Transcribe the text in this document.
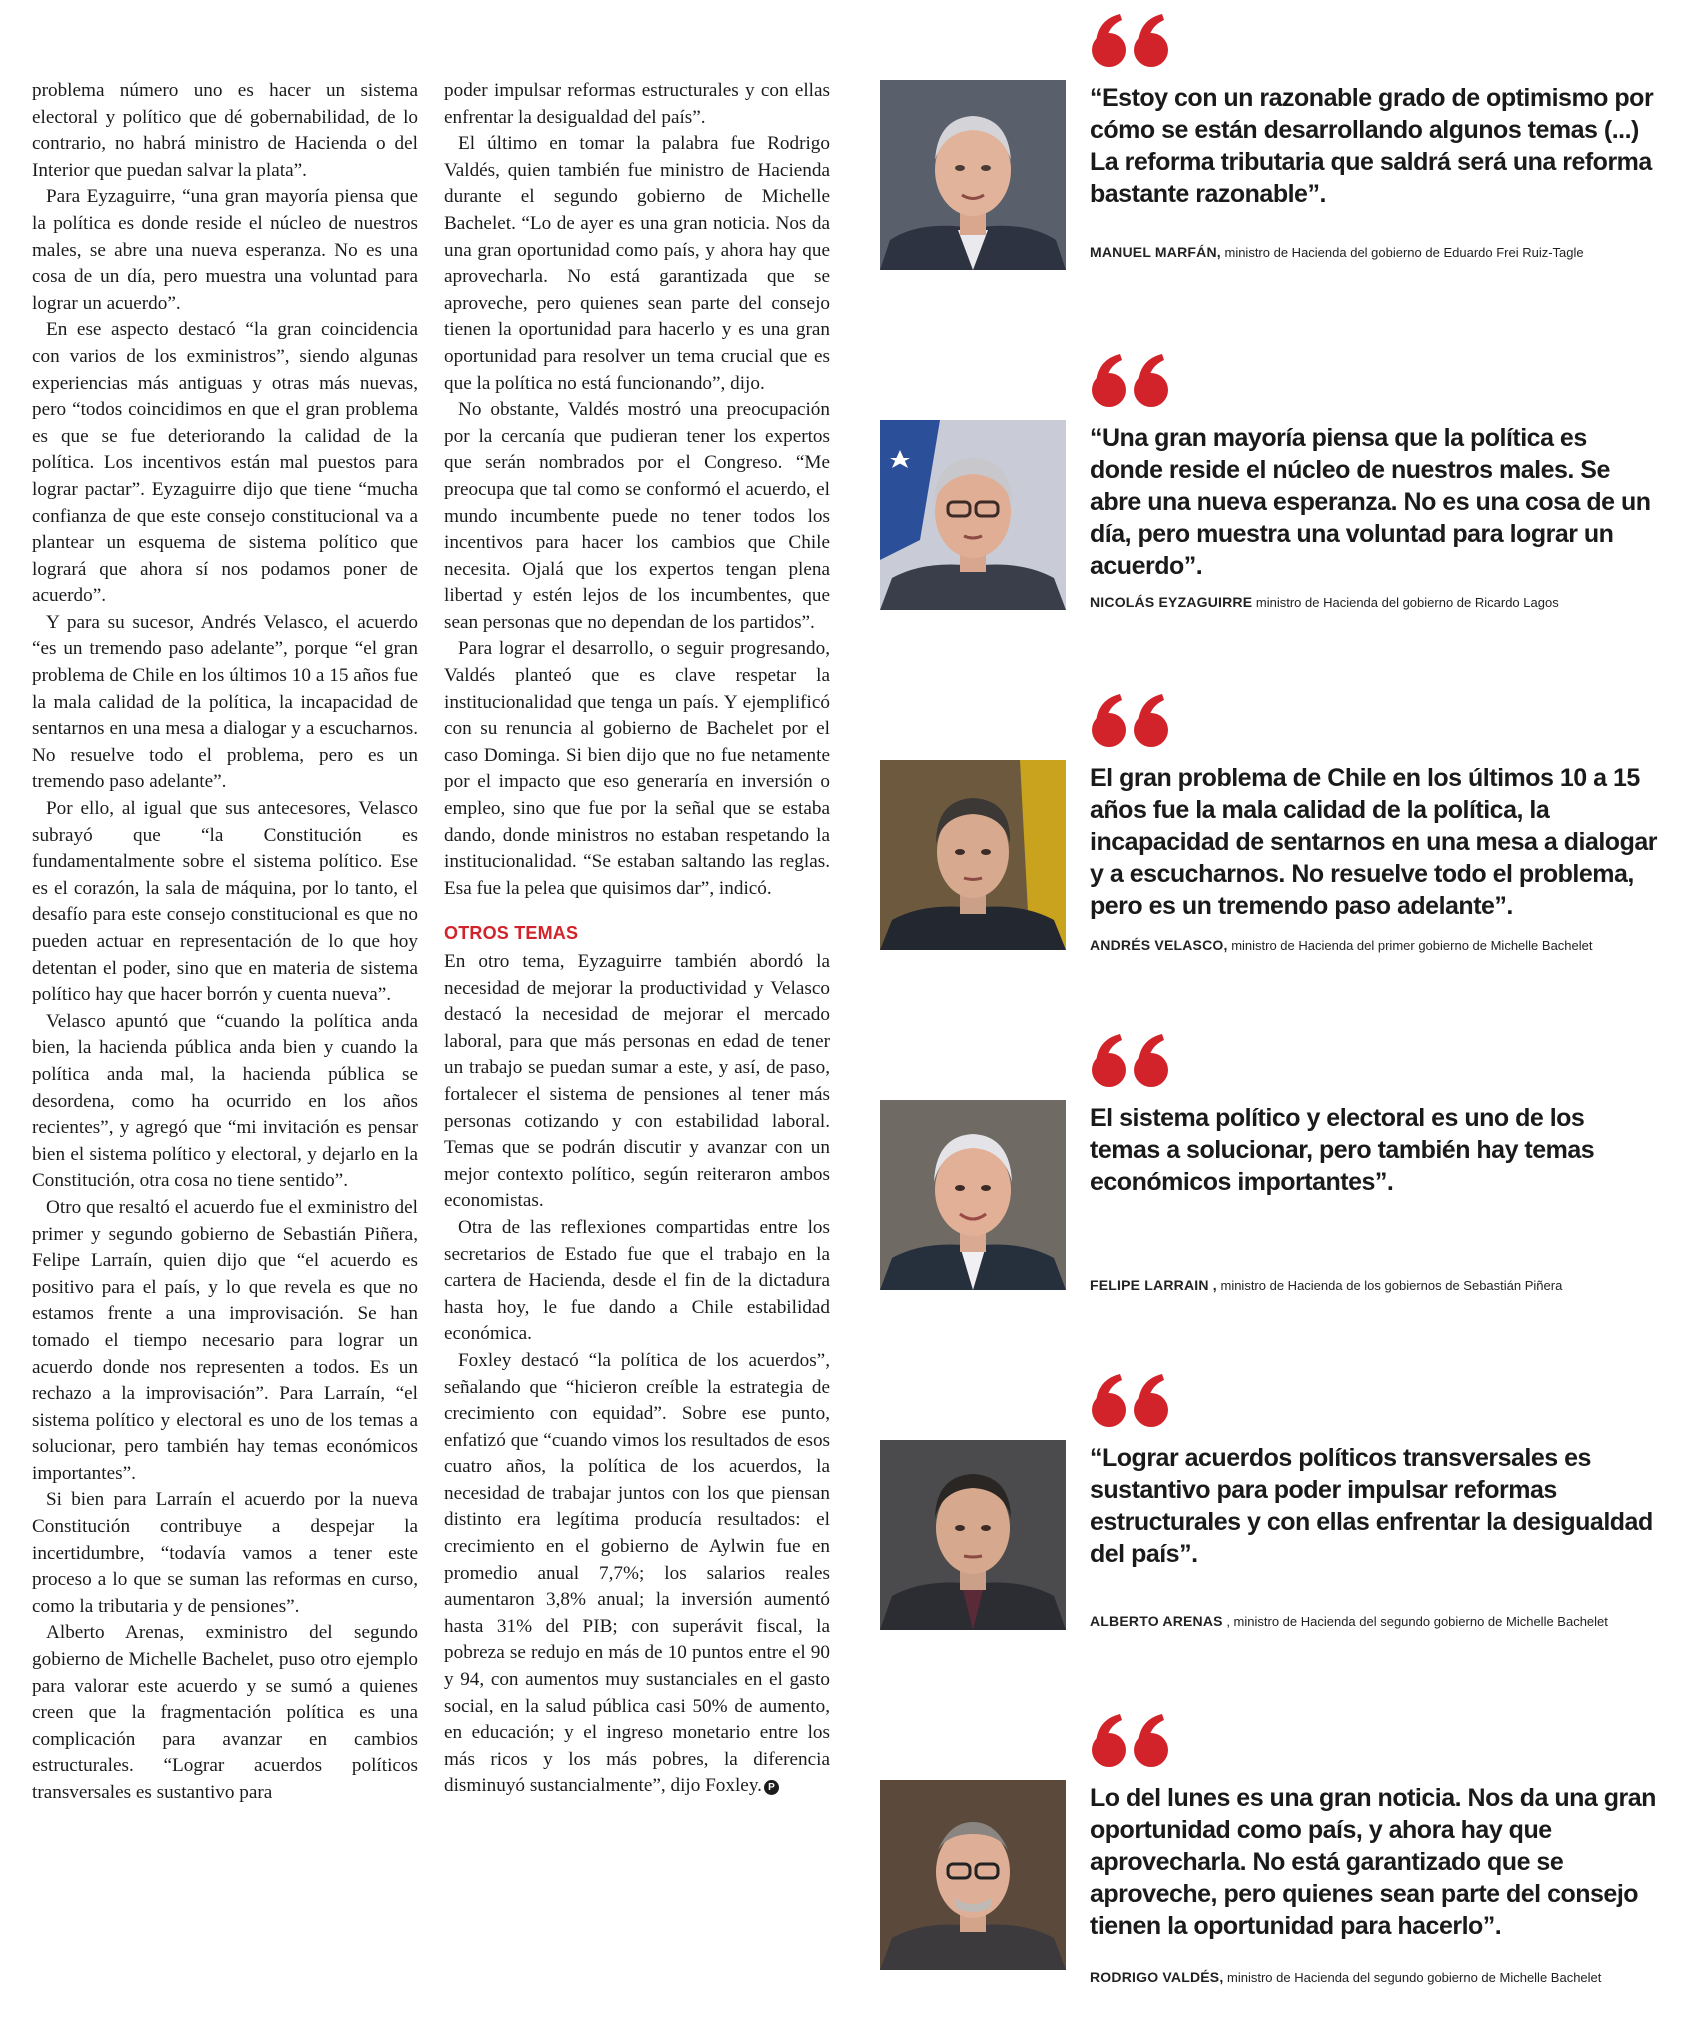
problema número uno es hacer un sistema electoral y político que dé gobernabilidad, de lo contrario, no habrá ministro de Hacienda o del Interior que puedan salvar la plata”.

Para Eyzaguirre, “una gran mayoría piensa que la política es donde reside el núcleo de nuestros males, se abre una nueva esperanza. No es una cosa de un día, pero muestra una voluntad para lograr un acuerdo”.

En ese aspecto destacó “la gran coincidencia con varios de los exministros”, siendo algunas experiencias más antiguas y otras más nuevas, pero “todos coincidimos en que el gran problema es que se fue deteriorando la calidad de la política. Los incentivos están mal puestos para lograr pactar”. Eyzaguirre dijo que tiene “mucha confianza de que este consejo constitucional va a plantear un esquema de sistema político que logrará que ahora sí nos podamos poner de acuerdo”.

Y para su sucesor, Andrés Velasco, el acuerdo “es un tremendo paso adelante”, porque “el gran problema de Chile en los últimos 10 a 15 años fue la mala calidad de la política, la incapacidad de sentarnos en una mesa a dialogar y a escucharnos. No resuelve todo el problema, pero es un tremendo paso adelante”.

Por ello, al igual que sus antecesores, Velasco subrayó que “la Constitución es fundamentalmente sobre el sistema político. Ese es el corazón, la sala de máquina, por lo tanto, el desafío para este consejo constitucional es que no pueden actuar en representación de lo que hoy detentan el poder, sino que en materia de sistema político hay que hacer borrón y cuenta nueva”.

Velasco apuntó que “cuando la política anda bien, la hacienda pública anda bien y cuando la política anda mal, la hacienda pública se desordena, como ha ocurrido en los años recientes”, y agregó que “mi invitación es pensar bien el sistema político y electoral, y dejarlo en la Constitución, otra cosa no tiene sentido”.

Otro que resaltó el acuerdo fue el exministro del primer y segundo gobierno de Sebastián Piñera, Felipe Larraín, quien dijo que “el acuerdo es positivo para el país, y lo que revela es que no estamos frente a una improvisación. Se han tomado el tiempo necesario para lograr un acuerdo donde nos representen a todos. Es un rechazo a la improvisación”. Para Larraín, “el sistema político y electoral es uno de los temas a solucionar, pero también hay temas económicos importantes”.

Si bien para Larraín el acuerdo por la nueva Constitución contribuye a despejar la incertidumbre, “todavía vamos a tener este proceso a lo que se suman las reformas en curso, como la tributaria y de pensiones”.

Alberto Arenas, exministro del segundo gobierno de Michelle Bachelet, puso otro ejemplo para valorar este acuerdo y se sumó a quienes creen que la fragmentación política es una complicación para avanzar en cambios estructurales. “Lograr acuerdos políticos transversales es sustantivo para

poder impulsar reformas estructurales y con ellas enfrentar la desigualdad del país”.

El último en tomar la palabra fue Rodrigo Valdés, quien también fue ministro de Hacienda durante el segundo gobierno de Michelle Bachelet. “Lo de ayer es una gran noticia. Nos da una gran oportunidad como país, y ahora hay que aprovecharla. No está garantizada que se aproveche, pero quienes sean parte del consejo tienen la oportunidad para hacerlo y es una gran oportunidad para resolver un tema crucial que es que la política no está funcionando”, dijo.

No obstante, Valdés mostró una preocupación por la cercanía que pudieran tener los expertos que serán nombrados por el Congreso. “Me preocupa que tal como se conformó el acuerdo, el mundo incumbente puede no tener todos los incentivos para hacer los cambios que Chile necesita. Ojalá que los expertos tengan plena libertad y estén lejos de los incumbentes, que sean personas que no dependan de los partidos”.

Para lograr el desarrollo, o seguir progresando, Valdés planteó que es clave respetar la institucionalidad que tenga un país. Y ejemplificó con su renuncia al gobierno de Bachelet por el caso Dominga. Si bien dijo que no fue netamente por el impacto que eso generaría en inversión o empleo, sino que fue por la señal que se estaba dando, donde ministros no estaban respetando la institucionalidad. “Se estaban saltando las reglas. Esa fue la pelea que quisimos dar”, indicó.

OTROS TEMAS

En otro tema, Eyzaguirre también abordó la necesidad de mejorar la productividad y Velasco destacó la necesidad de mejorar el mercado laboral, para que más personas en edad de tener un trabajo se puedan sumar a este, y así, de paso, fortalecer el sistema de pensiones al tener más personas cotizando y con estabilidad laboral. Temas que se podrán discutir y avanzar con un mejor contexto político, según reiteraron ambos economistas.

Otra de las reflexiones compartidas entre los secretarios de Estado fue que el trabajo en la cartera de Hacienda, desde el fin de la dictadura hasta hoy, le fue dando a Chile estabilidad económica.

Foxley destacó “la política de los acuerdos”, señalando que “hicieron creíble la estrategia de crecimiento con equidad”. Sobre ese punto, enfatizó que “cuando vimos los resultados de esos cuatro años, la política de los acuerdos, la necesidad de trabajar juntos con los que piensan distinto era legítima producía resultados: el crecimiento en el gobierno de Aylwin fue en promedio anual 7,7%; los salarios reales aumentaron 3,8% anual; la inversión aumentó hasta 31% del PIB; con superávit fiscal, la pobreza se redujo en más de 10 puntos entre el 90 y 94, con aumentos muy sustanciales en el gasto social, en la salud pública casi 50% de aumento, en educación; y el ingreso monetario entre los más ricos y los más pobres, la diferencia disminuyó sustancialmente”, dijo Foxley. P

“Estoy con un razonable grado de optimismo por cómo se están desarrollando algunos temas (...) La reforma tributaria que saldrá será una reforma bastante razonable”.
MANUEL MARFÁN, ministro de Hacienda del gobierno de Eduardo Frei Ruiz-Tagle
“Una gran mayoría piensa que la política es donde reside el núcleo de nuestros males. Se abre una nueva esperanza. No es una cosa de un día, pero muestra una voluntad para lograr un acuerdo”.
NICOLÁS EYZAGUIRRE ministro de Hacienda del gobierno de Ricardo Lagos
El gran problema de Chile en los últimos 10 a 15 años fue la mala calidad de la política, la incapacidad de sentarnos en una mesa a dialogar y a escucharnos. No resuelve todo el problema, pero es un tremendo paso adelante”.
ANDRÉS VELASCO, ministro de Hacienda del primer gobierno de Michelle Bachelet
El sistema político y electoral es uno de los temas a solucionar, pero también hay temas económicos importantes”.
FELIPE LARRAIN , ministro de Hacienda de los gobiernos de Sebastián Piñera
“Lograr acuerdos políticos transversales es sustantivo para poder impulsar reformas estructurales y con ellas enfrentar la desigualdad del país”.
ALBERTO ARENAS , ministro de Hacienda del segundo gobierno de Michelle Bachelet
Lo del lunes es una gran noticia. Nos da una gran oportunidad como país, y ahora hay que aprovecharla. No está garantizado que se aproveche, pero quienes sean parte del consejo tienen la oportunidad para hacerlo”.
RODRIGO VALDÉS, ministro de Hacienda del segundo gobierno de Michelle Bachelet
